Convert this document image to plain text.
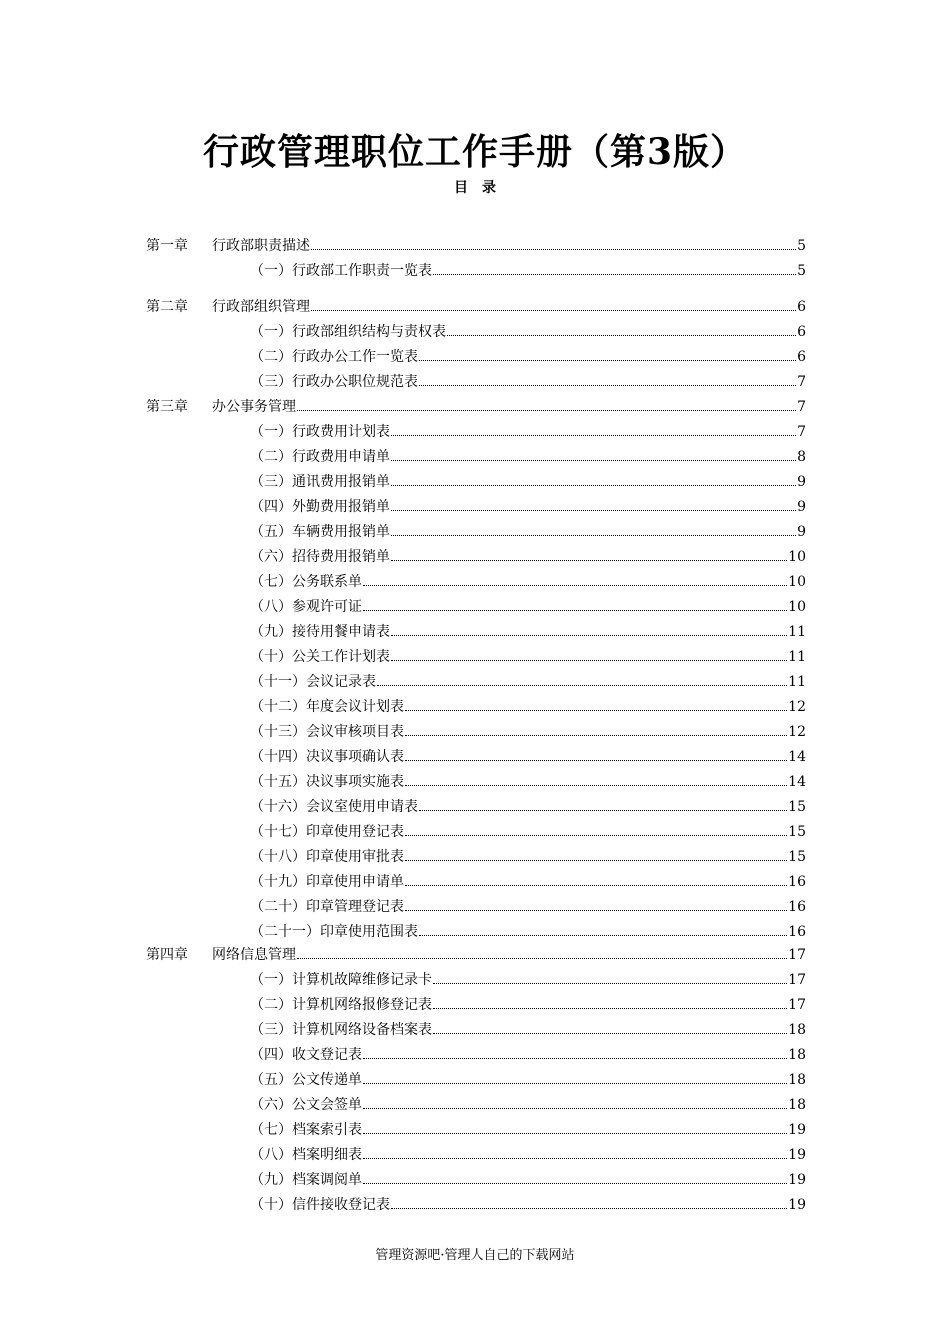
行政管理职位工作手册（第3版）
目　录
第一章 行政部职责描述	5
（一）行政部工作职责一览表	5
第二章 行政部组织管理	6
（一）行政部组织结构与责权表	6
（二）行政办公工作一览表	6
（三）行政办公职位规范表	7
第三章 办公事务管理	7
（一）行政费用计划表	7
（二）行政费用申请单	8
（三）通讯费用报销单	9
（四）外勤费用报销单	9
（五）车辆费用报销单	9
（六）招待费用报销单	10
（七）公务联系单	10
（八）参观许可证	10
（九）接待用餐申请表	11
（十）公关工作计划表	11
（十一）会议记录表	11
（十二）年度会议计划表	12
（十三）会议审核项目表	12
（十四）决议事项确认表	14
（十五）决议事项实施表	14
（十六）会议室使用申请表	15
（十七）印章使用登记表	15
（十八）印章使用审批表	15
（十九）印章使用申请单	16
（二十）印章管理登记表	16
（二十一）印章使用范围表	16
第四章 网络信息管理	17
（一）计算机故障维修记录卡	17
（二）计算机网络报修登记表	17
（三）计算机网络设备档案表	18
（四）收文登记表	18
（五）公文传递单	18
（六）公文会签单	18
（七）档案索引表	19
（八）档案明细表	19
（九）档案调阅单	19
（十）信件接收登记表	19
管理资源吧·管理人自己的下载网站
